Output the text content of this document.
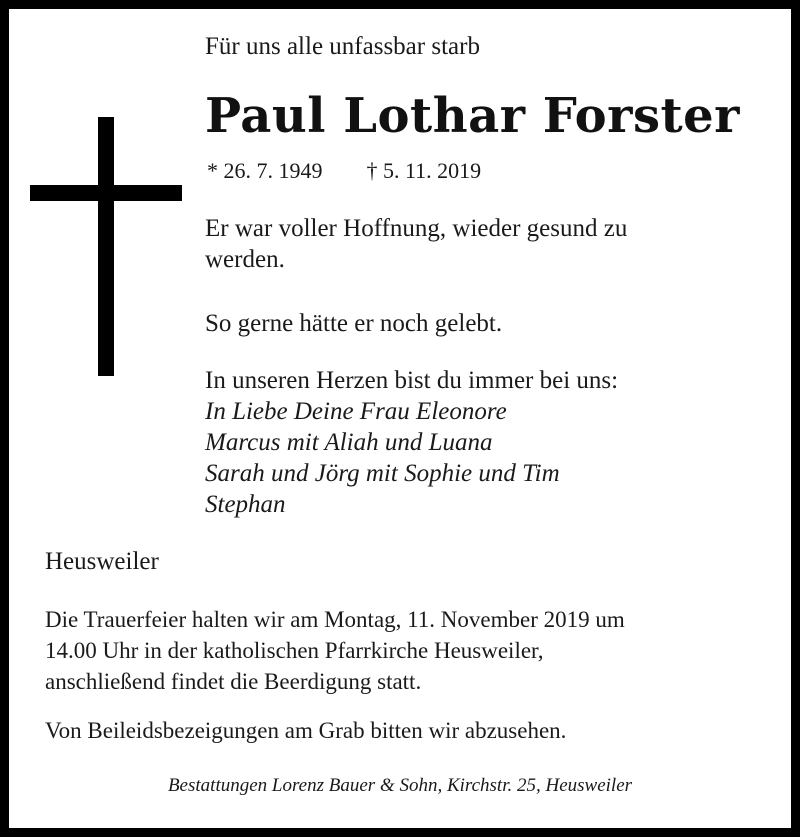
Für uns alle unfassbar starb
Paul Lothar Forster
* 26. 7. 1949 † 5. 11. 2019
Er war voller Hoffnung, wieder gesund zu
werden.
So gerne hätte er noch gelebt.
In unseren Herzen bist du immer bei uns:
In Liebe Deine Frau Eleonore
Marcus mit Aliah und Luana
Sarah und Jörg mit Sophie und Tim
Stephan
Heusweiler
Die Trauerfeier halten wir am Montag, 11. November 2019 um
14.00 Uhr in der katholischen Pfarrkirche Heusweiler,
anschließend findet die Beerdigung statt.
Von Beileidsbezeigungen am Grab bitten wir abzusehen.
Bestattungen Lorenz Bauer & Sohn, Kirchstr. 25, Heusweiler
